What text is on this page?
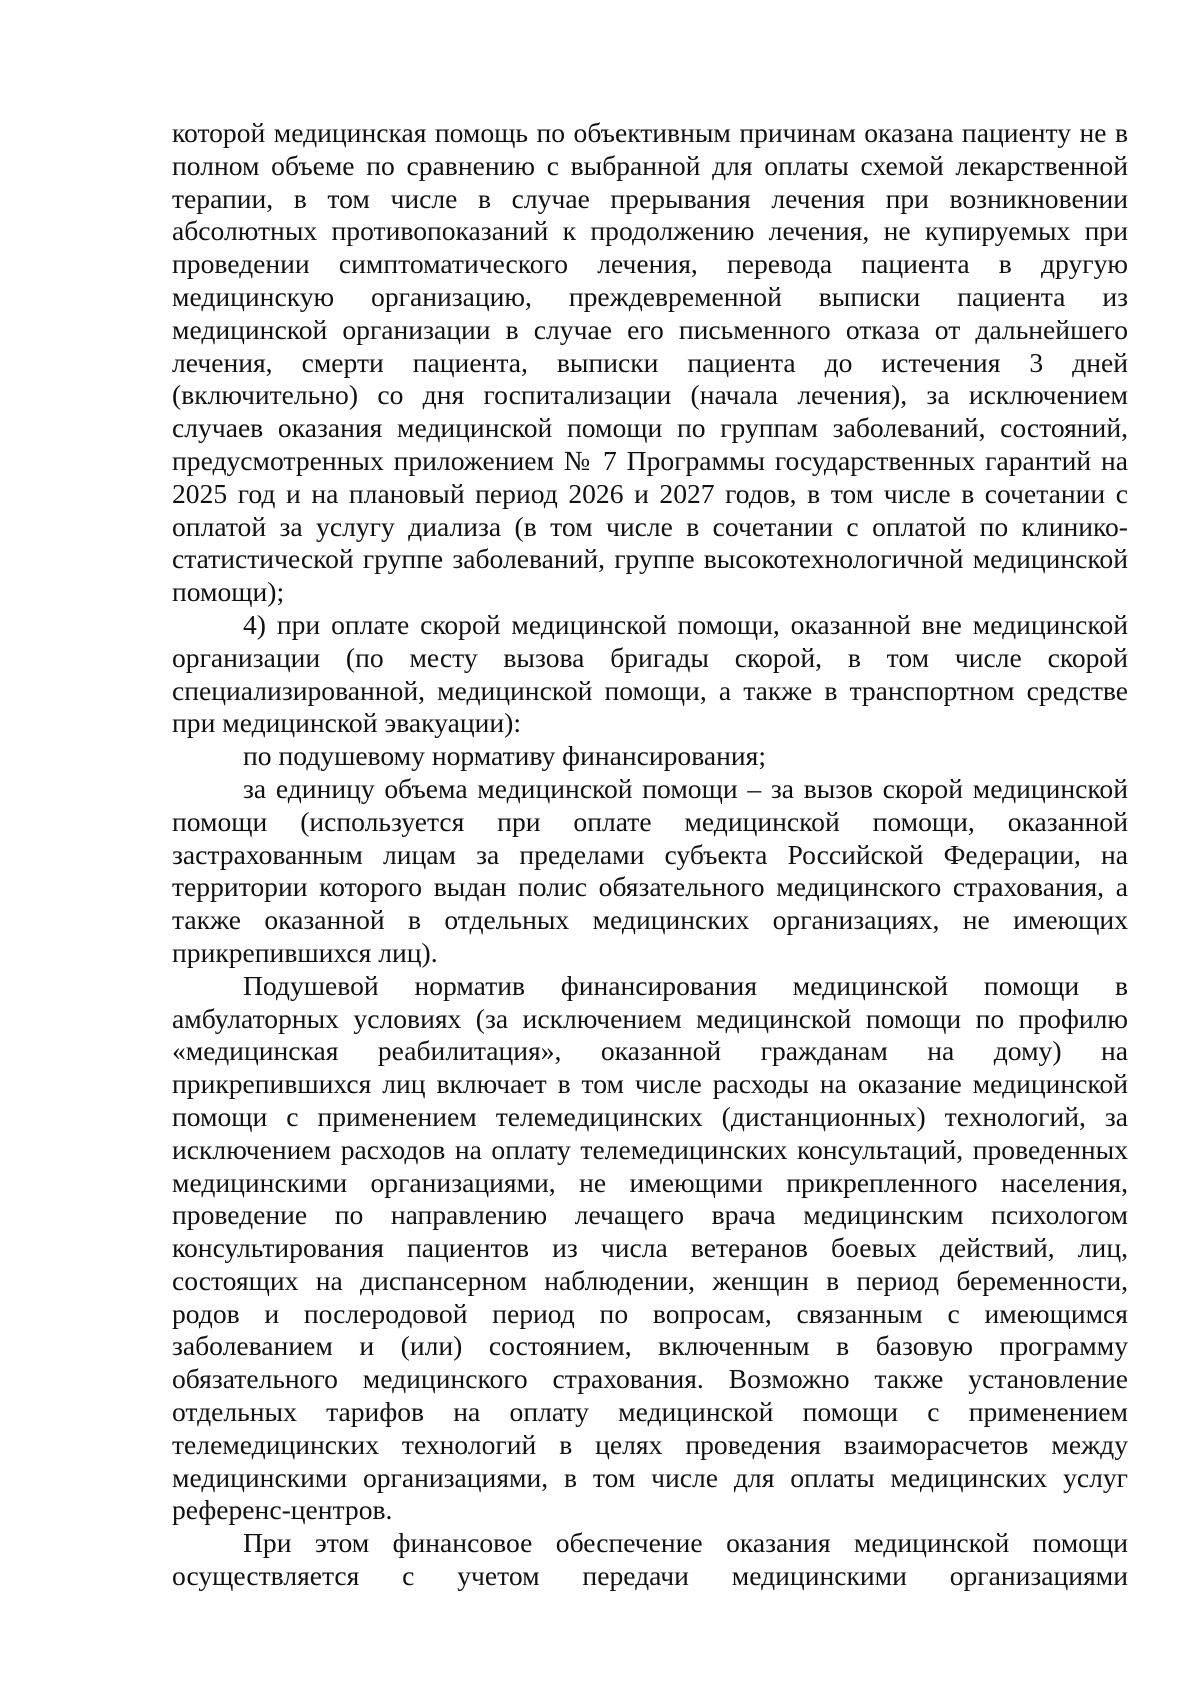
которой медицинская помощь по объективным причинам оказана пациенту не в полном объеме по сравнению с выбранной для оплаты схемой лекарственной терапии, в том числе в случае прерывания лечения при возникновении абсолютных противопоказаний к продолжению лечения, не купируемых при проведении симптоматического лечения, перевода пациента в другую медицинскую организацию, преждевременной выписки пациента из медицинской организации в случае его письменного отказа от дальнейшего лечения, смерти пациента, выписки пациента до истечения 3 дней (включительно) со дня госпитализации (начала лечения), за исключением случаев оказания медицинской помощи по группам заболеваний, состояний, предусмотренных приложением № 7 Программы государственных гарантий на 2025 год и на плановый период 2026 и 2027 годов, в том числе в сочетании с оплатой за услугу диализа (в том числе в сочетании с оплатой по клинико-статистической группе заболеваний, группе высокотехнологичной медицинской помощи);

4) при оплате скорой медицинской помощи, оказанной вне медицинской организации (по месту вызова бригады скорой, в том числе скорой специализированной, медицинской помощи, а также в транспортном средстве при медицинской эвакуации):

по подушевому нормативу финансирования;

за единицу объема медицинской помощи – за вызов скорой медицинской помощи (используется при оплате медицинской помощи, оказанной застрахованным лицам за пределами субъекта Российской Федерации, на территории которого выдан полис обязательного медицинского страхования, а также оказанной в отдельных медицинских организациях, не имеющих прикрепившихся лиц).

Подушевой норматив финансирования медицинской помощи в амбулаторных условиях (за исключением медицинской помощи по профилю «медицинская реабилитация», оказанной гражданам на дому) на прикрепившихся лиц включает в том числе расходы на оказание медицинской помощи с применением телемедицинских (дистанционных) технологий, за исключением расходов на оплату телемедицинских консультаций, проведенных медицинскими организациями, не имеющими прикрепленного населения, проведение по направлению лечащего врача медицинским психологом консультирования пациентов из числа ветеранов боевых действий, лиц, состоящих на диспансерном наблюдении, женщин в период беременности, родов и послеродовой период по вопросам, связанным с имеющимся заболеванием и (или) состоянием, включенным в базовую программу обязательного медицинского страхования. Возможно также установление отдельных тарифов на оплату медицинской помощи с применением телемедицинских технологий в целях проведения взаиморасчетов между медицинскими организациями, в том числе для оплаты медицинских услуг референс-центров.

При этом финансовое обеспечение оказания медицинской помощи осуществляется с учетом передачи медицинскими организациями
